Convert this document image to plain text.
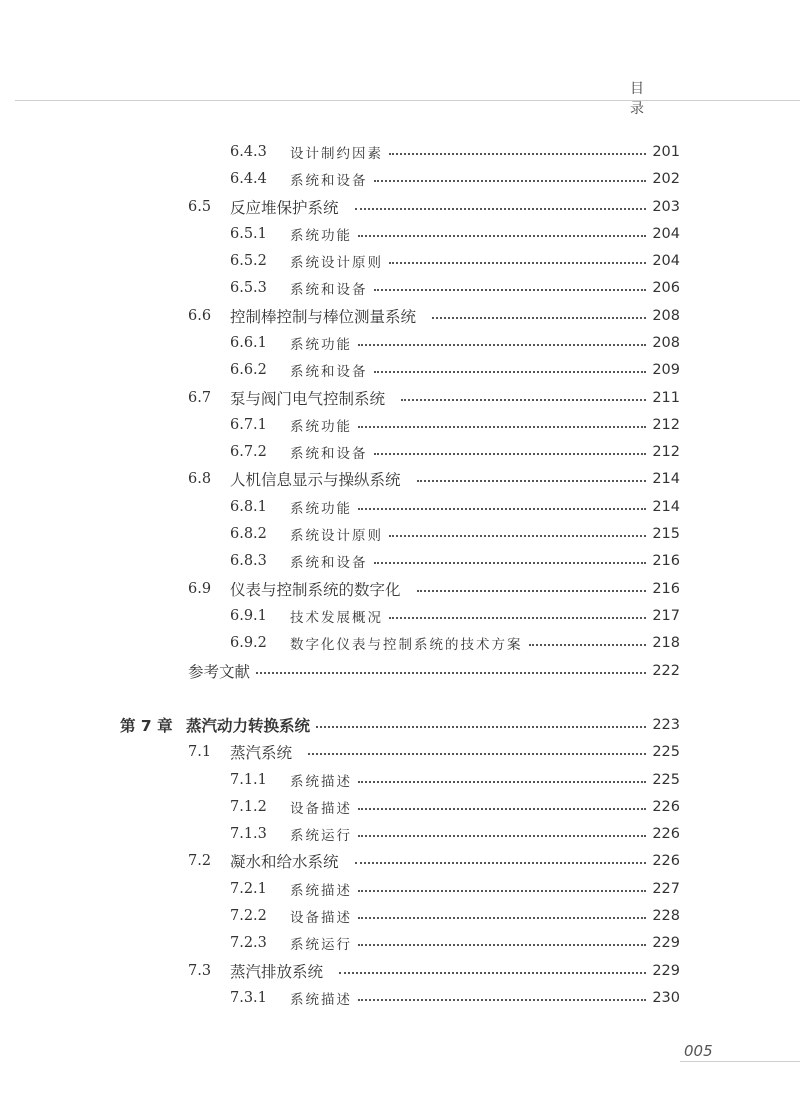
目 录
6.4.3	设计制约因素	201
6.4.4	系统和设备	202
6.5	反应堆保护系统	203
6.5.1	系统功能	204
6.5.2	系统设计原则	204
6.5.3	系统和设备	206
6.6	控制棒控制与棒位测量系统	208
6.6.1	系统功能	208
6.6.2	系统和设备	209
6.7	泵与阀门电气控制系统	211
6.7.1	系统功能	212
6.7.2	系统和设备	212
6.8	人机信息显示与操纵系统	214
6.8.1	系统功能	214
6.8.2	系统设计原则	215
6.8.3	系统和设备	216
6.9	仪表与控制系统的数字化	216
6.9.1	技术发展概况	217
6.9.2	数字化仪表与控制系统的技术方案	218
参考文献	222
第 7 章 蒸汽动力转换系统	223
7.1	蒸汽系统	225
7.1.1	系统描述	225
7.1.2	设备描述	226
7.1.3	系统运行	226
7.2	凝水和给水系统	226
7.2.1	系统描述	227
7.2.2	设备描述	228
7.2.3	系统运行	229
7.3	蒸汽排放系统	229
7.3.1	系统描述	230
005
